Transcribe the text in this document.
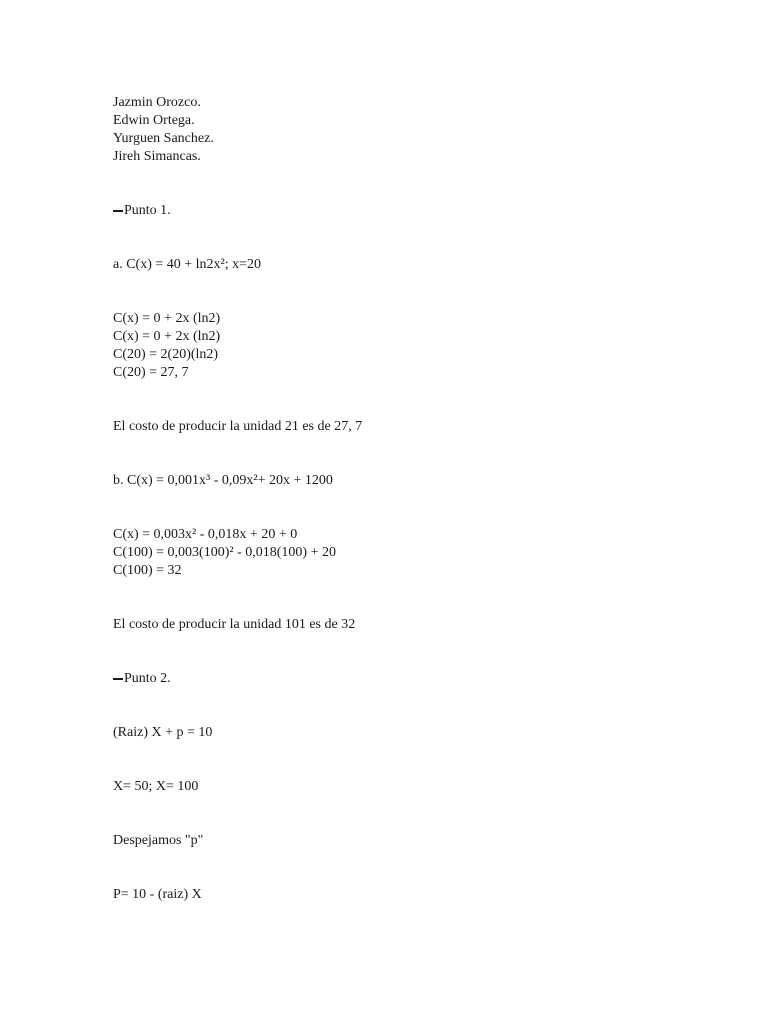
Jazmin Orozco.
Edwin Ortega.
Yurguen Sanchez.
Jireh Simancas.
Punto 1.
a. C(x) = 40 + ln2x²; x=20
C(x) = 0 + 2x (ln2)
C(x) = 0 + 2x (ln2)
C(20) = 2(20)(ln2)
C(20) = 27, 7
El costo de producir la unidad 21 es de 27, 7
b. C(x) = 0,001x³ - 0,09x²+ 20x + 1200
C(x) = 0,003x² - 0,018x + 20 + 0
C(100) = 0,003(100)² - 0,018(100) + 20
C(100) = 32
El costo de producir la unidad 101 es de 32
Punto 2.
(Raiz) X + p = 10
X= 50; X= 100
Despejamos "p"
P= 10 - (raiz) X
